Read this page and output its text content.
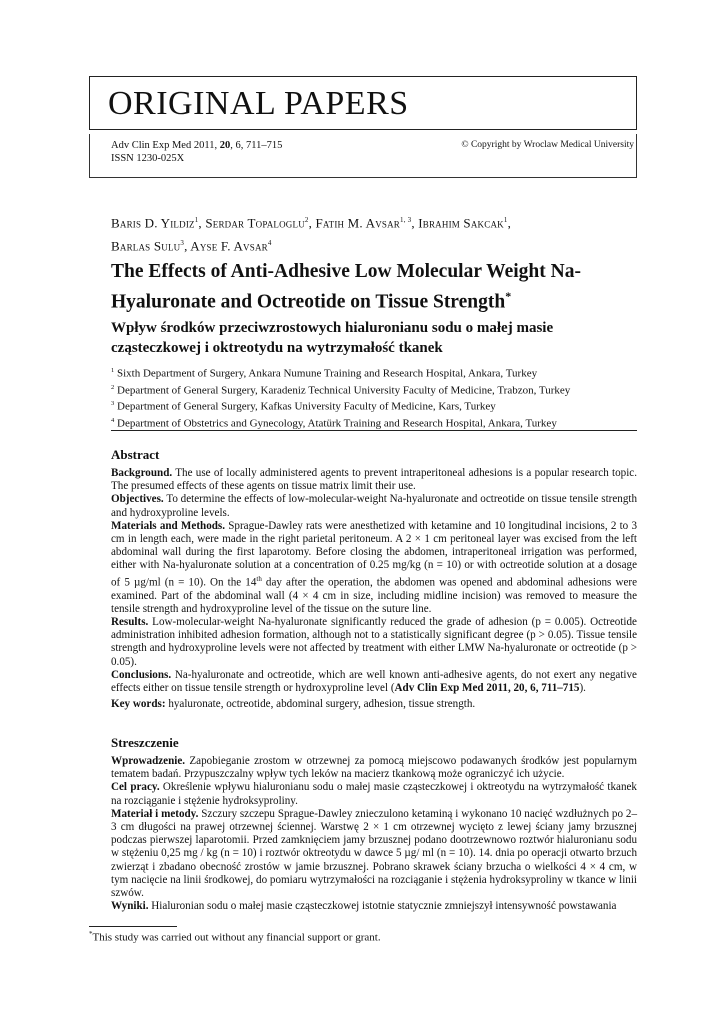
ORIGINAL PAPERS
Adv Clin Exp Med 2011, 20, 6, 711–715
ISSN 1230-025X
© Copyright by Wroclaw Medical University
Baris D. Yildiz$^1$, Serdar Topaloglu$^2$, Fatih M. Avsar$^{1, 3}$, Ibrahim Sakcak$^1$,
Barlas Sulu$^3$, Ayse F. Avsar$^4$
The Effects of Anti-Adhesive Low Molecular Weight Na-Hyaluronate and Octreotide on Tissue Strength*
Wpływ środków przeciwzrostowych hialuronianu sodu o małej masie cząsteczkowej i oktreotydu na wytrzymałość tkanek
$^1$ Sixth Department of Surgery, Ankara Numune Training and Research Hospital, Ankara, Turkey
$^2$ Department of General Surgery, Karadeniz Technical University Faculty of Medicine, Trabzon, Turkey
$^3$ Department of General Surgery, Kafkas University Faculty of Medicine, Kars, Turkey
$^4$ Department of Obstetrics and Gynecology, Atatürk Training and Research Hospital, Ankara, Turkey
Abstract

Background. The use of locally administered agents to prevent intraperitoneal adhesions is a popular research topic. The presumed effects of these agents on tissue matrix limit their use.

Objectives. To determine the effects of low-molecular-weight Na-hyaluronate and octreotide on tissue tensile strength and hydroxyproline levels.

Materials and Methods. Sprague-Dawley rats were anesthetized with ketamine and 10 longitudinal incisions, 2 to 3 cm in length each, were made in the right parietal peritoneum. A 2 × 1 cm peritoneal layer was excised from the left abdominal wall during the first laparotomy. Before closing the abdomen, intraperitoneal irrigation was performed, either with Na-hyaluronate solution at a concentration of 0.25 mg/kg (n = 10) or with octreotide solution at a dosage of 5 µg/ml (n = 10). On the 14th day after the operation, the abdomen was opened and abdominal adhesions were examined. Part of the abdominal wall (4 × 4 cm in size, including midline incision) was removed to measure the tensile strength and hydroxyproline level of the tissue on the suture line.

Results. Low-molecular-weight Na-hyaluronate significantly reduced the grade of adhesion (p = 0.005). Octreotide administration inhibited adhesion formation, although not to a statistically significant degree (p > 0.05). Tissue tensile strength and hydroxyproline levels were not affected by treatment with either LMW Na-hyaluronate or octreotide (p > 0.05).

Conclusions. Na-hyaluronate and octreotide, which are well known anti-adhesive agents, do not exert any negative effects either on tissue tensile strength or hydroxyproline level (Adv Clin Exp Med 2011, 20, 6, 711–715).

Key words: hyaluronate, octreotide, abdominal surgery, adhesion, tissue strength.
Streszczenie

Wprowadzenie. Zapobieganie zrostom w otrzewnej za pomocą miejscowo podawanych środków jest popularnym tematem badań. Przypuszczalny wpływ tych leków na macierz tkankową może ograniczyć ich użycie.

Cel pracy. Określenie wpływu hialuronianu sodu o małej masie cząsteczkowej i oktreotydu na wytrzymałość tkanek na rozciąganie i stężenie hydroksyproliny.

Materiał i metody. Szczury szczepu Sprague-Dawley znieczulono ketaminą i wykonano 10 nacięć wzdłużnych po 2–3 cm długości na prawej otrzewnej ściennej. Warstwę 2 × 1 cm otrzewnej wycięto z lewej ściany jamy brzusznej podczas pierwszej laparotomii. Przed zamknięciem jamy brzusznej podano dootrzewnowo roztwór hialuronianu sodu w stężeniu 0,25 mg / kg (n = 10) i roztwór oktreotydu w dawce 5 µg/ ml (n = 10). 14. dnia po operacji otwarto brzuch zwierząt i zbadano obecność zrostów w jamie brzusznej. Pobrano skrawek ściany brzucha o wielkości 4 × 4 cm, w tym nacięcie na linii środkowej, do pomiaru wytrzymałości na rozciąganie i stężenia hydroksyproliny w tkance w linii szwów.

Wyniki. Hialuronian sodu o małej masie cząsteczkowej istotnie statycznie zmniejszył intensywność powstawania

*This study was carried out without any financial support or grant.
